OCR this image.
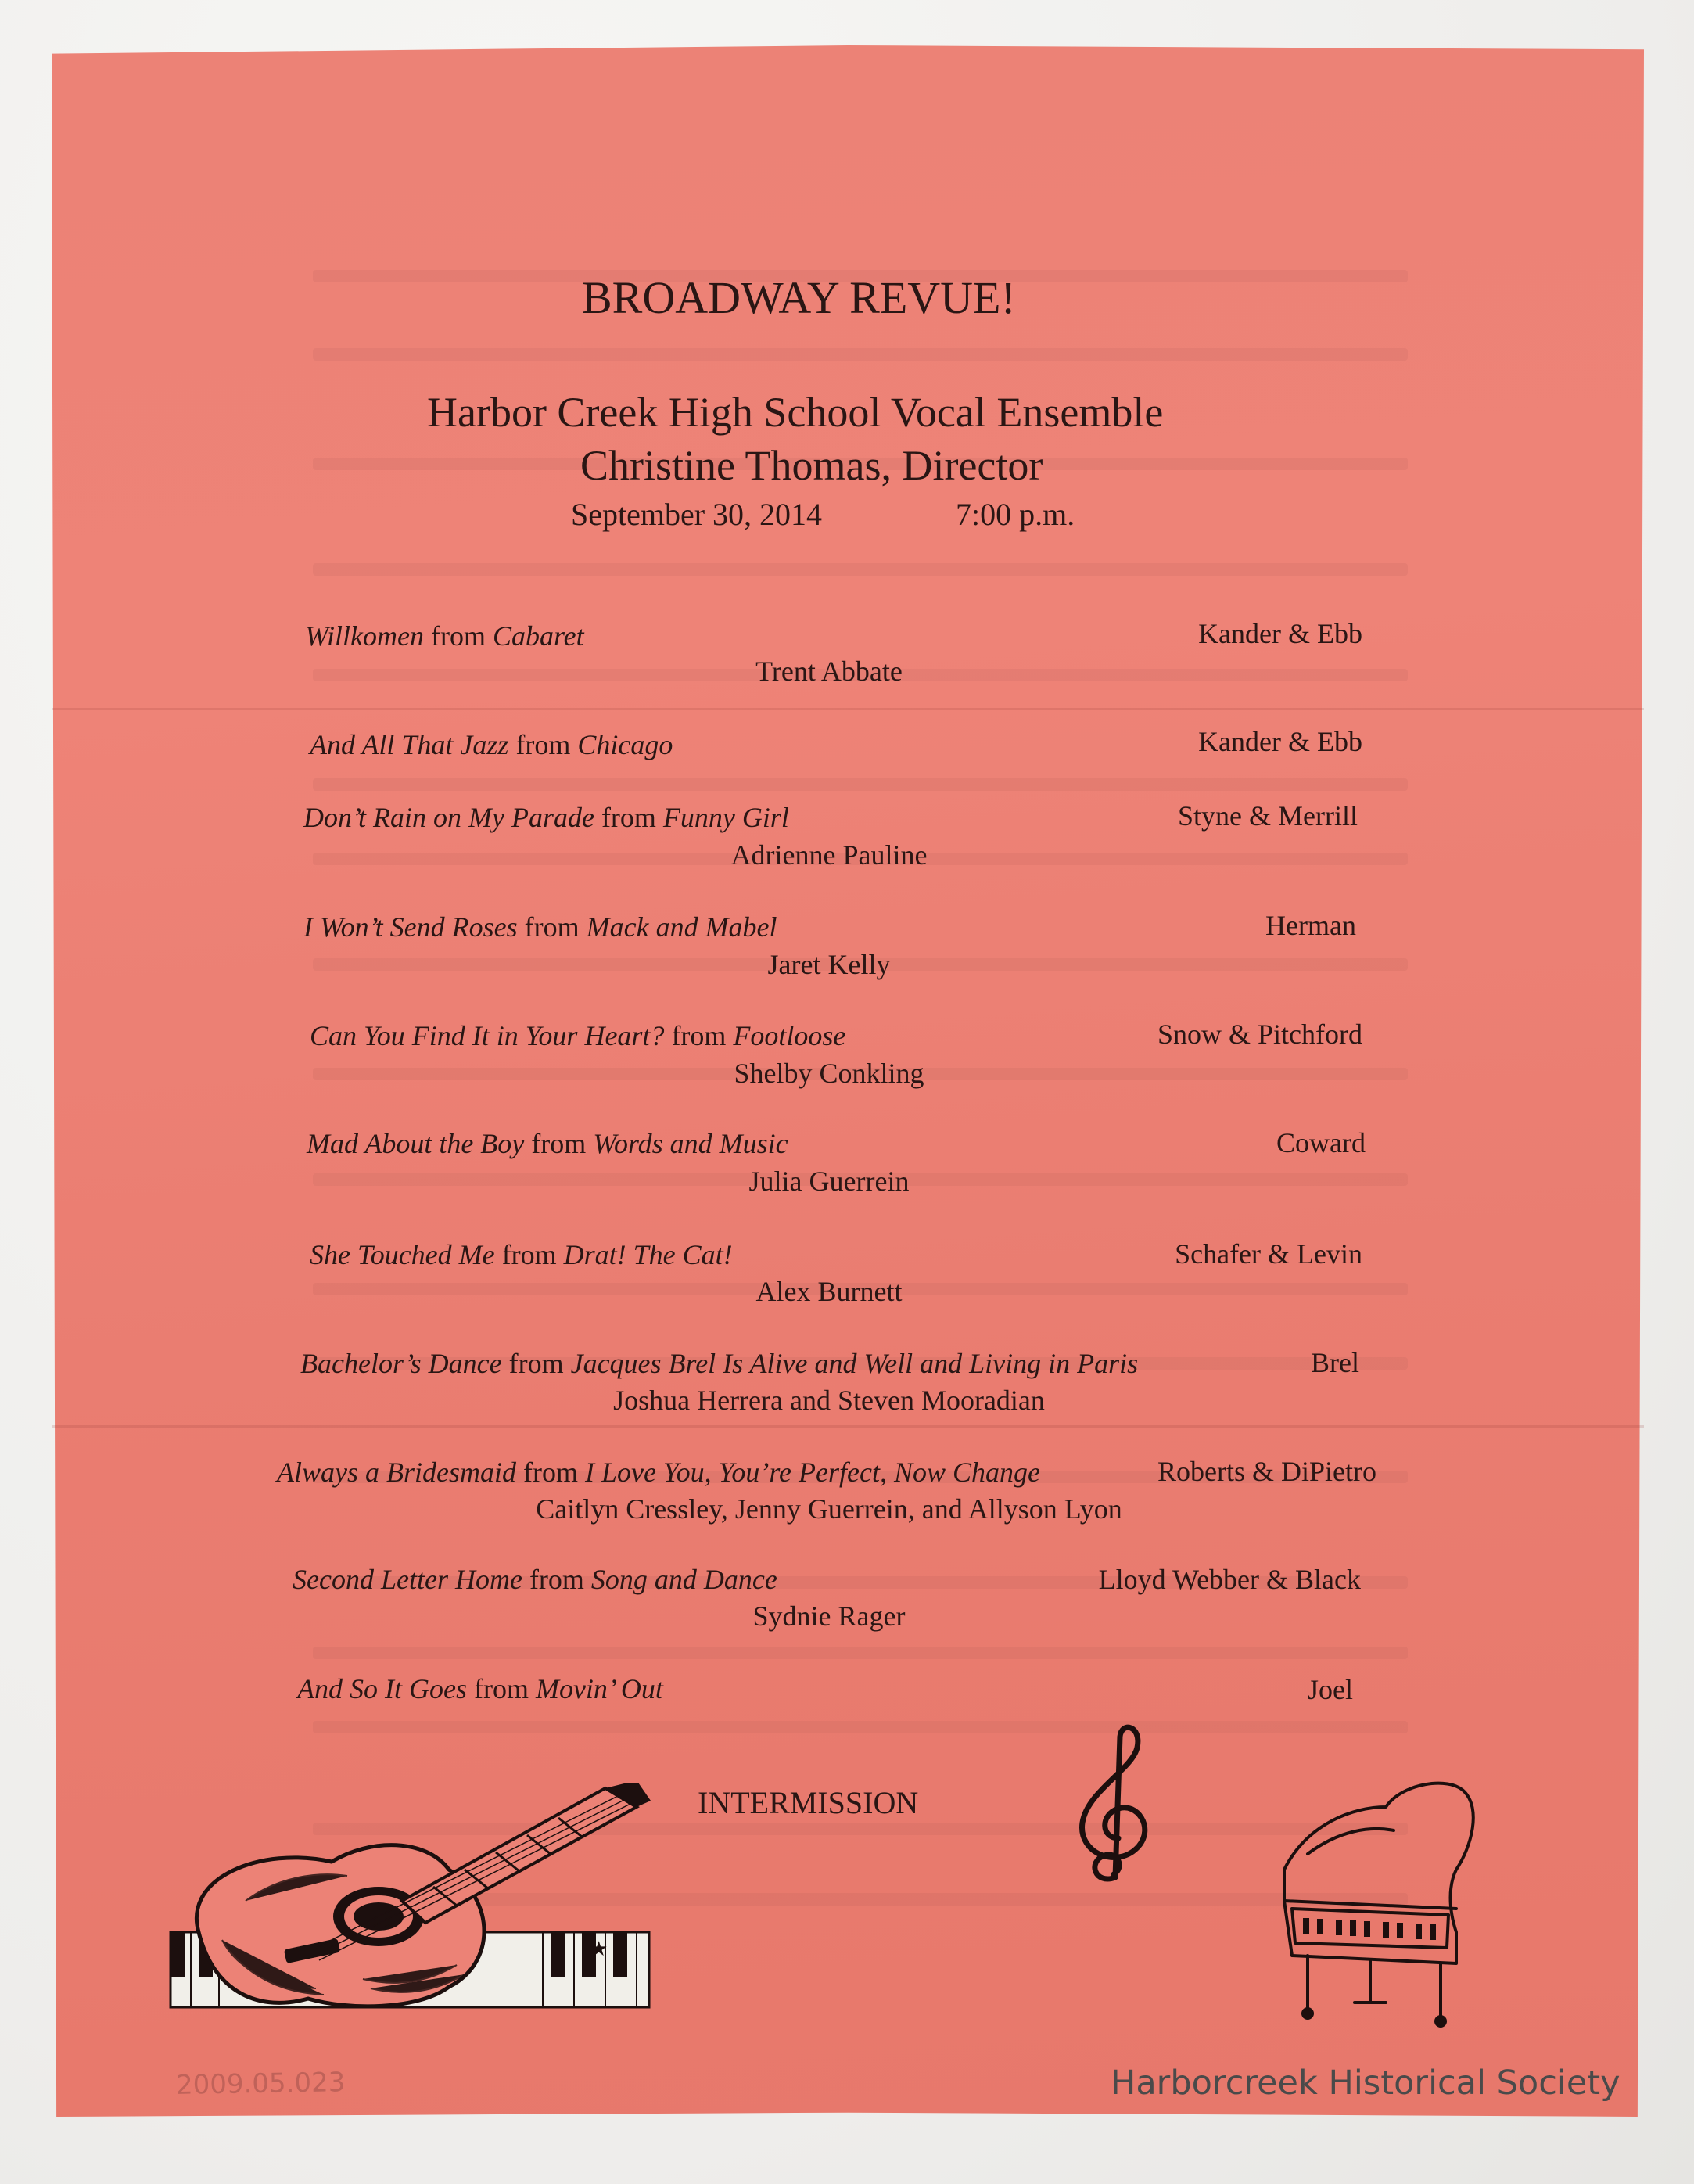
BROADWAY REVUE!
Harbor Creek High School Vocal Ensemble
Christine Thomas, Director
September 30, 2014	7:00 p.m.
Willkomen from Cabaret	Kander & Ebb
Trent Abbate
And All That Jazz from Chicago	Kander & Ebb
Don’t Rain on My Parade from Funny Girl	Styne & Merrill
Adrienne Pauline
I Won’t Send Roses from Mack and Mabel	Herman
Jaret Kelly
Can You Find It in Your Heart? from Footloose	Snow & Pitchford
Shelby Conkling
Mad About the Boy from Words and Music	Coward
Julia Guerrein
She Touched Me from Drat! The Cat!	Schafer & Levin
Alex Burnett
Bachelor’s Dance from Jacques Brel Is Alive and Well and Living in Paris	Brel
Joshua Herrera and Steven Mooradian
Always a Bridesmaid from I Love You, You’re Perfect, Now Change	Roberts & DiPietro
Caitlyn Cressley, Jenny Guerrein, and Allyson Lyon
Second Letter Home from Song and Dance	Lloyd Webber & Black
Sydnie Rager
And So It Goes from Movin’ Out	Joel
INTERMISSION
★
2009.05.023	Harborcreek Historical Society
